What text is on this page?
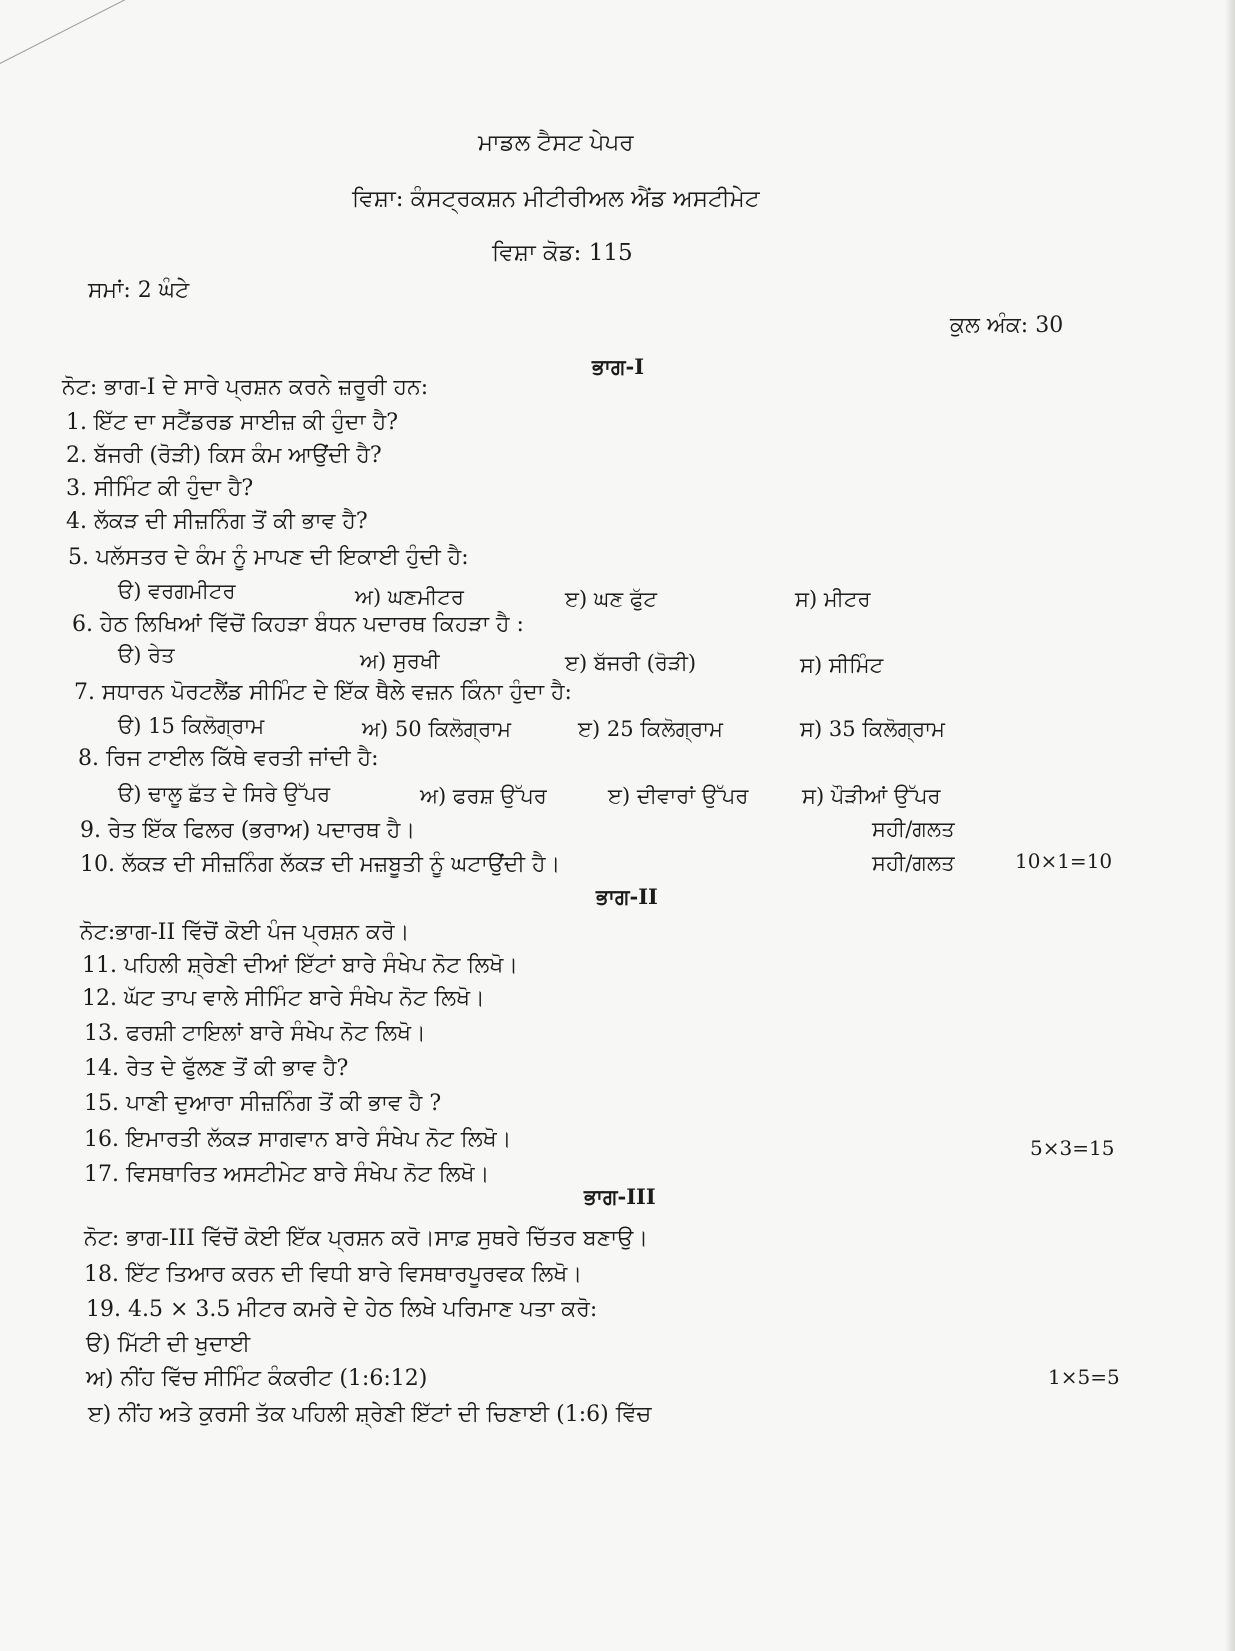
ਮਾਡਲ ਟੈਸਟ ਪੇਪਰ
ਵਿਸ਼ਾ: ਕੰਸਟ੍ਰਕਸ਼ਨ ਮੀਟੀਰੀਅਲ ਐਂਡ ਅਸਟੀਮੇਟ
ਵਿਸ਼ਾ ਕੋਡ: 115
ਸਮਾਂ: 2 ਘੰਟੇ
ਕੁਲ ਅੰਕ: 30
ਭਾਗ-I
ਨੋਟ: ਭਾਗ-I ਦੇ ਸਾਰੇ ਪ੍ਰਸ਼ਨ ਕਰਨੇ ਜ਼ਰੂਰੀ ਹਨ:
1. ਇੱਟ ਦਾ ਸਟੈਂਡਰਡ ਸਾਈਜ਼ ਕੀ ਹੁੰਦਾ ਹੈ?
2. ਬੱਜਰੀ (ਰੋੜੀ) ਕਿਸ ਕੰਮ ਆਉਂਦੀ ਹੈ?
3. ਸੀਮਿੰਟ ਕੀ ਹੁੰਦਾ ਹੈ?
4. ਲੱਕੜ ਦੀ ਸੀਜ਼ਨਿੰਗ ਤੋਂ ਕੀ ਭਾਵ ਹੈ?
5. ਪਲੱਸਤਰ ਦੇ ਕੰਮ ਨੂੰ ਮਾਪਣ ਦੀ ਇਕਾਈ ਹੁੰਦੀ ਹੈ:
ੳ) ਵਰਗਮੀਟਰ	ਅ) ਘਣਮੀਟਰ	ੲ) ਘਣ ਫੁੱਟ	ਸ) ਮੀਟਰ
6. ਹੇਠ ਲਿਖਿਆਂ ਵਿੱਚੋਂ ਕਿਹੜਾ ਬੰਧਨ ਪਦਾਰਥ ਕਿਹੜਾ ਹੈ :
ੳ) ਰੇਤ	ਅ) ਸੁਰਖੀ	ੲ) ਬੱਜਰੀ (ਰੋੜੀ)	ਸ) ਸੀਮਿੰਟ
7. ਸਧਾਰਨ ਪੋਰਟਲੈਂਡ ਸੀਮਿੰਟ ਦੇ ਇੱਕ ਥੈਲੇ ਵਜ਼ਨ ਕਿੰਨਾ ਹੁੰਦਾ ਹੈ:
ੳ) 15 ਕਿਲੋਗ੍ਰਾਮ	ਅ) 50 ਕਿਲੋਗ੍ਰਾਮ	ੲ) 25 ਕਿਲੋਗ੍ਰਾਮ	ਸ) 35 ਕਿਲੋਗ੍ਰਾਮ
8. ਰਿਜ ਟਾਈਲ ਕਿੱਥੇ ਵਰਤੀ ਜਾਂਦੀ ਹੈ:
ੳ) ਢਾਲੂ ਛੱਤ ਦੇ ਸਿਰੇ ਉੱਪਰ	ਅ) ਫਰਸ਼ ਉੱਪਰ	ੲ) ਦੀਵਾਰਾਂ ਉੱਪਰ	ਸ) ਪੌੜੀਆਂ ਉੱਪਰ
9. ਰੇਤ ਇੱਕ ਫਿਲਰ (ਭਰਾਅ) ਪਦਾਰਥ ਹੈ।	ਸਹੀ/ਗਲਤ
10. ਲੱਕੜ ਦੀ ਸੀਜ਼ਨਿੰਗ ਲੱਕੜ ਦੀ ਮਜ਼ਬੂਤੀ ਨੂੰ ਘਟਾਉਂਦੀ ਹੈ।	ਸਹੀ/ਗਲਤ	10×1=10
ਭਾਗ-II
ਨੋਟ:ਭਾਗ-II ਵਿੱਚੋਂ ਕੋਈ ਪੰਜ ਪ੍ਰਸ਼ਨ ਕਰੋ।
11. ਪਹਿਲੀ ਸ਼੍ਰੇਣੀ ਦੀਆਂ ਇੱਟਾਂ ਬਾਰੇ ਸੰਖੇਪ ਨੋਟ ਲਿਖੋ।
12. ਘੱਟ ਤਾਪ ਵਾਲੇ ਸੀਮਿੰਟ ਬਾਰੇ ਸੰਖੇਪ ਨੋਟ ਲਿਖੋ।
13. ਫਰਸ਼ੀ ਟਾਇਲਾਂ ਬਾਰੇ ਸੰਖੇਪ ਨੋਟ ਲਿਖੋ।
14. ਰੇਤ ਦੇ ਫੁੱਲਣ ਤੋਂ ਕੀ ਭਾਵ ਹੈ?
15. ਪਾਣੀ ਦੁਆਰਾ ਸੀਜ਼ਨਿੰਗ ਤੋਂ ਕੀ ਭਾਵ ਹੈ ?
16. ਇਮਾਰਤੀ ਲੱਕੜ ਸਾਗਵਾਨ ਬਾਰੇ ਸੰਖੇਪ ਨੋਟ ਲਿਖੋ।
17. ਵਿਸਥਾਰਿਤ ਅਸਟੀਮੇਟ ਬਾਰੇ ਸੰਖੇਪ ਨੋਟ ਲਿਖੋ।
5×3=15
ਭਾਗ-III
ਨੋਟ: ਭਾਗ-III ਵਿੱਚੋਂ ਕੋਈ ਇੱਕ ਪ੍ਰਸ਼ਨ ਕਰੋ।ਸਾਫ਼ ਸੁਥਰੇ ਚਿੱਤਰ ਬਣਾਉ।
18. ਇੱਟ ਤਿਆਰ ਕਰਨ ਦੀ ਵਿਧੀ ਬਾਰੇ ਵਿਸਥਾਰਪੂਰਵਕ ਲਿਖੋ।
19. 4.5 × 3.5 ਮੀਟਰ ਕਮਰੇ ਦੇ ਹੇਠ ਲਿਖੇ ਪਰਿਮਾਣ ਪਤਾ ਕਰੋ:
ੳ) ਮਿੱਟੀ ਦੀ ਖੁਦਾਈ
ਅ) ਨੀਂਹ ਵਿੱਚ ਸੀਮਿੰਟ ਕੰਕਰੀਟ (1:6:12)	1×5=5
ੲ) ਨੀਂਹ ਅਤੇ ਕੁਰਸੀ ਤੱਕ ਪਹਿਲੀ ਸ਼੍ਰੇਣੀ ਇੱਟਾਂ ਦੀ ਚਿਣਾਈ (1:6) ਵਿੱਚ
